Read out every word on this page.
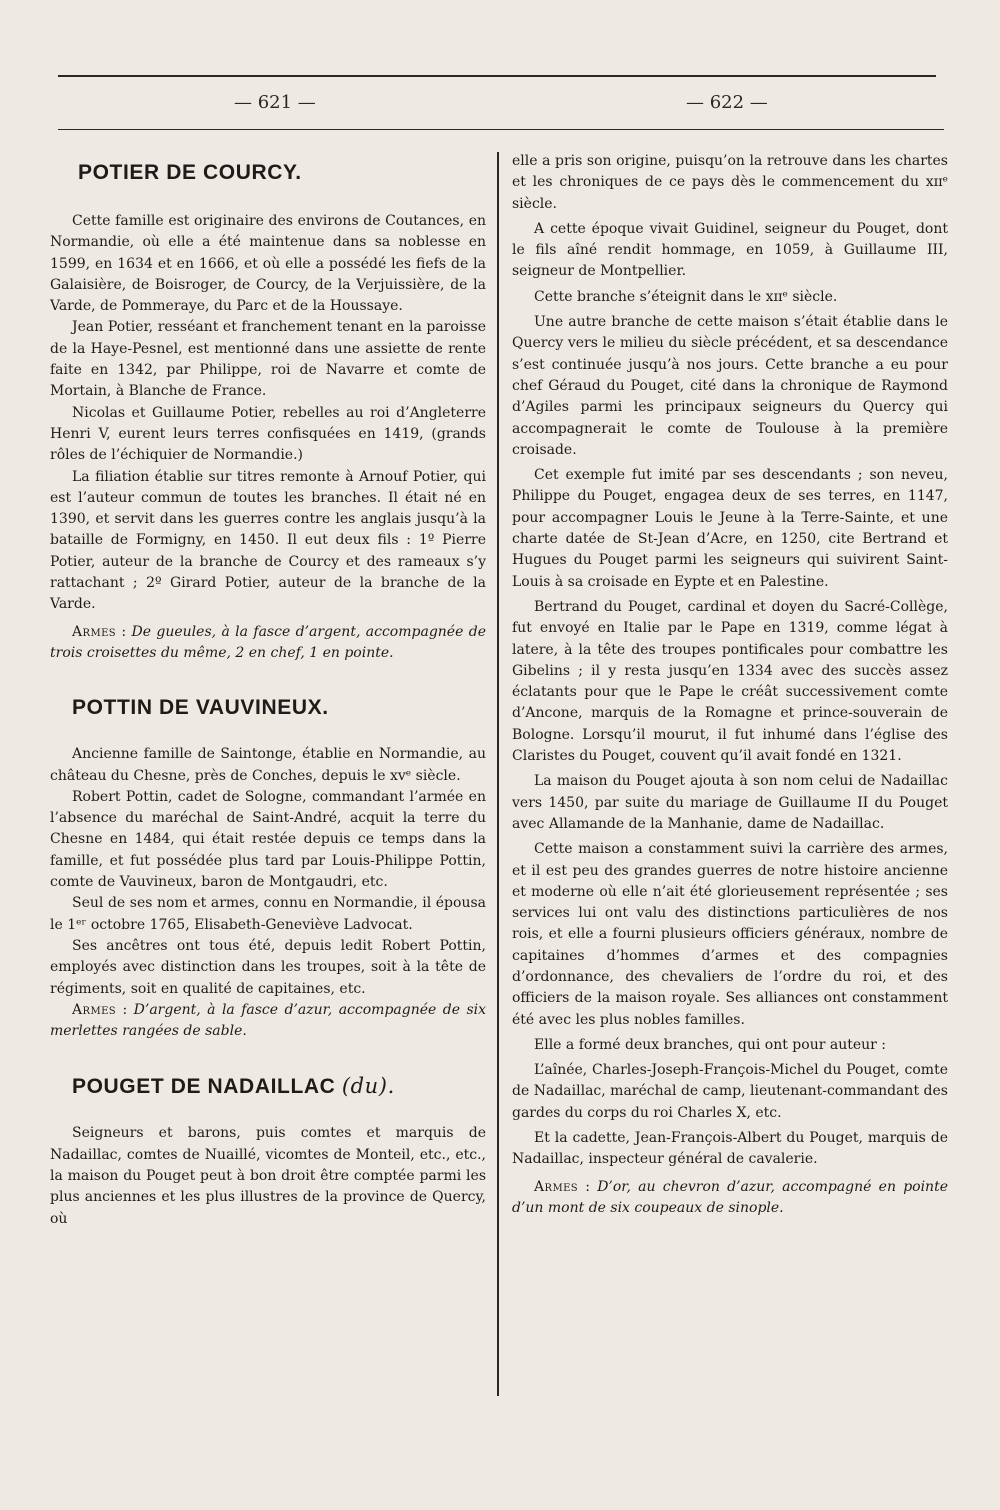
— 621 —	— 622 —
POTIER DE COURCY.

Cette famille est originaire des environs de Coutances, en Normandie, où elle a été maintenue dans sa noblesse en 1599, en 1634 et en 1666, et où elle a possédé les fiefs de la Galaisière, de Boisroger, de Courcy, de la Verjuissière, de la Varde, de Pommeraye, du Parc et de la Houssaye.

Jean Potier, resséant et franchement tenant en la paroisse de la Haye-Pesnel, est mentionné dans une assiette de rente faite en 1342, par Philippe, roi de Navarre et comte de Mortain, à Blanche de France.

Nicolas et Guillaume Potier, rebelles au roi d’Angleterre Henri V, eurent leurs terres confisquées en 1419, (grands rôles de l’échiquier de Normandie.)

La filiation établie sur titres remonte à Arnouf Potier, qui est l’auteur commun de toutes les branches. Il était né en 1390, et servit dans les guerres contre les anglais jusqu’à la bataille de Formigny, en 1450. Il eut deux fils : 1º Pierre Potier, auteur de la branche de Courcy et des rameaux s’y rattachant ; 2º Girard Potier, auteur de la branche de la Varde.

Armes : De gueules, à la fasce d’argent, accompagnée de trois croisettes du même, 2 en chef, 1 en pointe.

POTTIN DE VAUVINEUX.

Ancienne famille de Saintonge, établie en Normandie, au château du Chesne, près de Conches, depuis le xvᵉ siècle.

Robert Pottin, cadet de Sologne, commandant l’armée en l’absence du maréchal de Saint-André, acquit la terre du Chesne en 1484, qui était restée depuis ce temps dans la famille, et fut possédée plus tard par Louis-Philippe Pottin, comte de Vauvineux, baron de Montgaudri, etc.

Seul de ses nom et armes, connu en Normandie, il épousa le 1ᵉʳ octobre 1765, Elisabeth-Geneviève Ladvocat.

Ses ancêtres ont tous été, depuis ledit Robert Pottin, employés avec distinction dans les troupes, soit à la tête de régiments, soit en qualité de capitaines, etc.

Armes : D’argent, à la fasce d’azur, accompagnée de six merlettes rangées de sable.

POUGET DE NADAILLAC (du).

Seigneurs et barons, puis comtes et marquis de Nadaillac, comtes de Nuaillé, vicomtes de Monteil, etc., etc., la maison du Pouget peut à bon droit être comptée parmi les plus anciennes et les plus illustres de la province de Quercy, où

elle a pris son origine, puisqu’on la retrouve dans les chartes et les chroniques de ce pays dès le commencement du xɪɪᵉ siècle.

A cette époque vivait Guidinel, seigneur du Pouget, dont le fils aîné rendit hommage, en 1059, à Guillaume III, seigneur de Montpellier.

Cette branche s’éteignit dans le xɪɪᵉ siècle.

Une autre branche de cette maison s’était établie dans le Quercy vers le milieu du siècle précédent, et sa descendance s’est continuée jusqu’à nos jours. Cette branche a eu pour chef Géraud du Pouget, cité dans la chronique de Raymond d’Agiles parmi les principaux seigneurs du Quercy qui accompagnerait le comte de Toulouse à la première croisade.

Cet exemple fut imité par ses descendants ; son neveu, Philippe du Pouget, engagea deux de ses terres, en 1147, pour accompagner Louis le Jeune à la Terre-Sainte, et une charte datée de St-Jean d’Acre, en 1250, cite Bertrand et Hugues du Pouget parmi les seigneurs qui suivirent Saint-Louis à sa croisade en Eypte et en Palestine.

Bertrand du Pouget, cardinal et doyen du Sacré-Collège, fut envoyé en Italie par le Pape en 1319, comme légat à latere, à la tête des troupes pontificales pour combattre les Gibelins ; il y resta jusqu’en 1334 avec des succès assez éclatants pour que le Pape le créât successivement comte d’Ancone, marquis de la Romagne et prince-souverain de Bologne. Lorsqu’il mourut, il fut inhumé dans l’église des Claristes du Pouget, couvent qu’il avait fondé en 1321.

La maison du Pouget ajouta à son nom celui de Nadaillac vers 1450, par suite du mariage de Guillaume II du Pouget avec Allamande de la Manhanie, dame de Nadaillac.

Cette maison a constamment suivi la carrière des armes, et il est peu des grandes guerres de notre histoire ancienne et moderne où elle n’ait été glorieusement représentée ; ses services lui ont valu des distinctions particulières de nos rois, et elle a fourni plusieurs officiers généraux, nombre de capitaines d’hommes d’armes et des compagnies d’ordonnance, des chevaliers de l’ordre du roi, et des officiers de la maison royale. Ses alliances ont constamment été avec les plus nobles familles.

Elle a formé deux branches, qui ont pour auteur :

L’aînée, Charles-Joseph-François-Michel du Pouget, comte de Nadaillac, maréchal de camp, lieutenant-commandant des gardes du corps du roi Charles X, etc.

Et la cadette, Jean-François-Albert du Pouget, marquis de Nadaillac, inspecteur général de cavalerie.

Armes : D’or, au chevron d’azur, accompagné en pointe d’un mont de six coupeaux de sinople.
